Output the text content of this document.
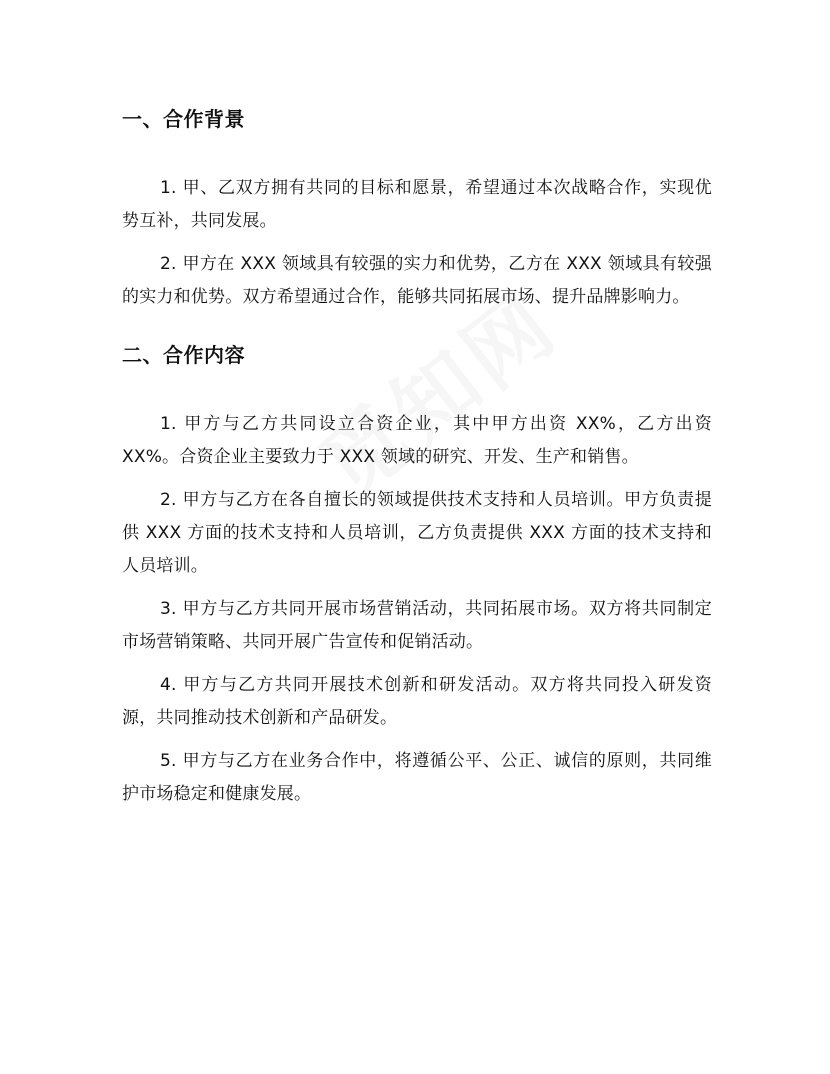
一、合作背景

1. 甲、乙双方拥有共同的目标和愿景，希望通过本次战略合作，实现优势互补，共同发展。

2. 甲方在 XXX 领域具有较强的实力和优势，乙方在 XXX 领域具有较强的实力和优势。双方希望通过合作，能够共同拓展市场、提升品牌影响力。

二、合作内容

1. 甲方与乙方共同设立合资企业，其中甲方出资 XX%，乙方出资 XX%。合资企业主要致力于 XXX 领域的研究、开发、生产和销售。

2. 甲方与乙方在各自擅长的领域提供技术支持和人员培训。甲方负责提供 XXX 方面的技术支持和人员培训，乙方负责提供 XXX 方面的技术支持和人员培训。

3. 甲方与乙方共同开展市场营销活动，共同拓展市场。双方将共同制定市场营销策略、共同开展广告宣传和促销活动。

4. 甲方与乙方共同开展技术创新和研发活动。双方将共同投入研发资源，共同推动技术创新和产品研发。

5. 甲方与乙方在业务合作中，将遵循公平、公正、诚信的原则，共同维护市场稳定和健康发展。
